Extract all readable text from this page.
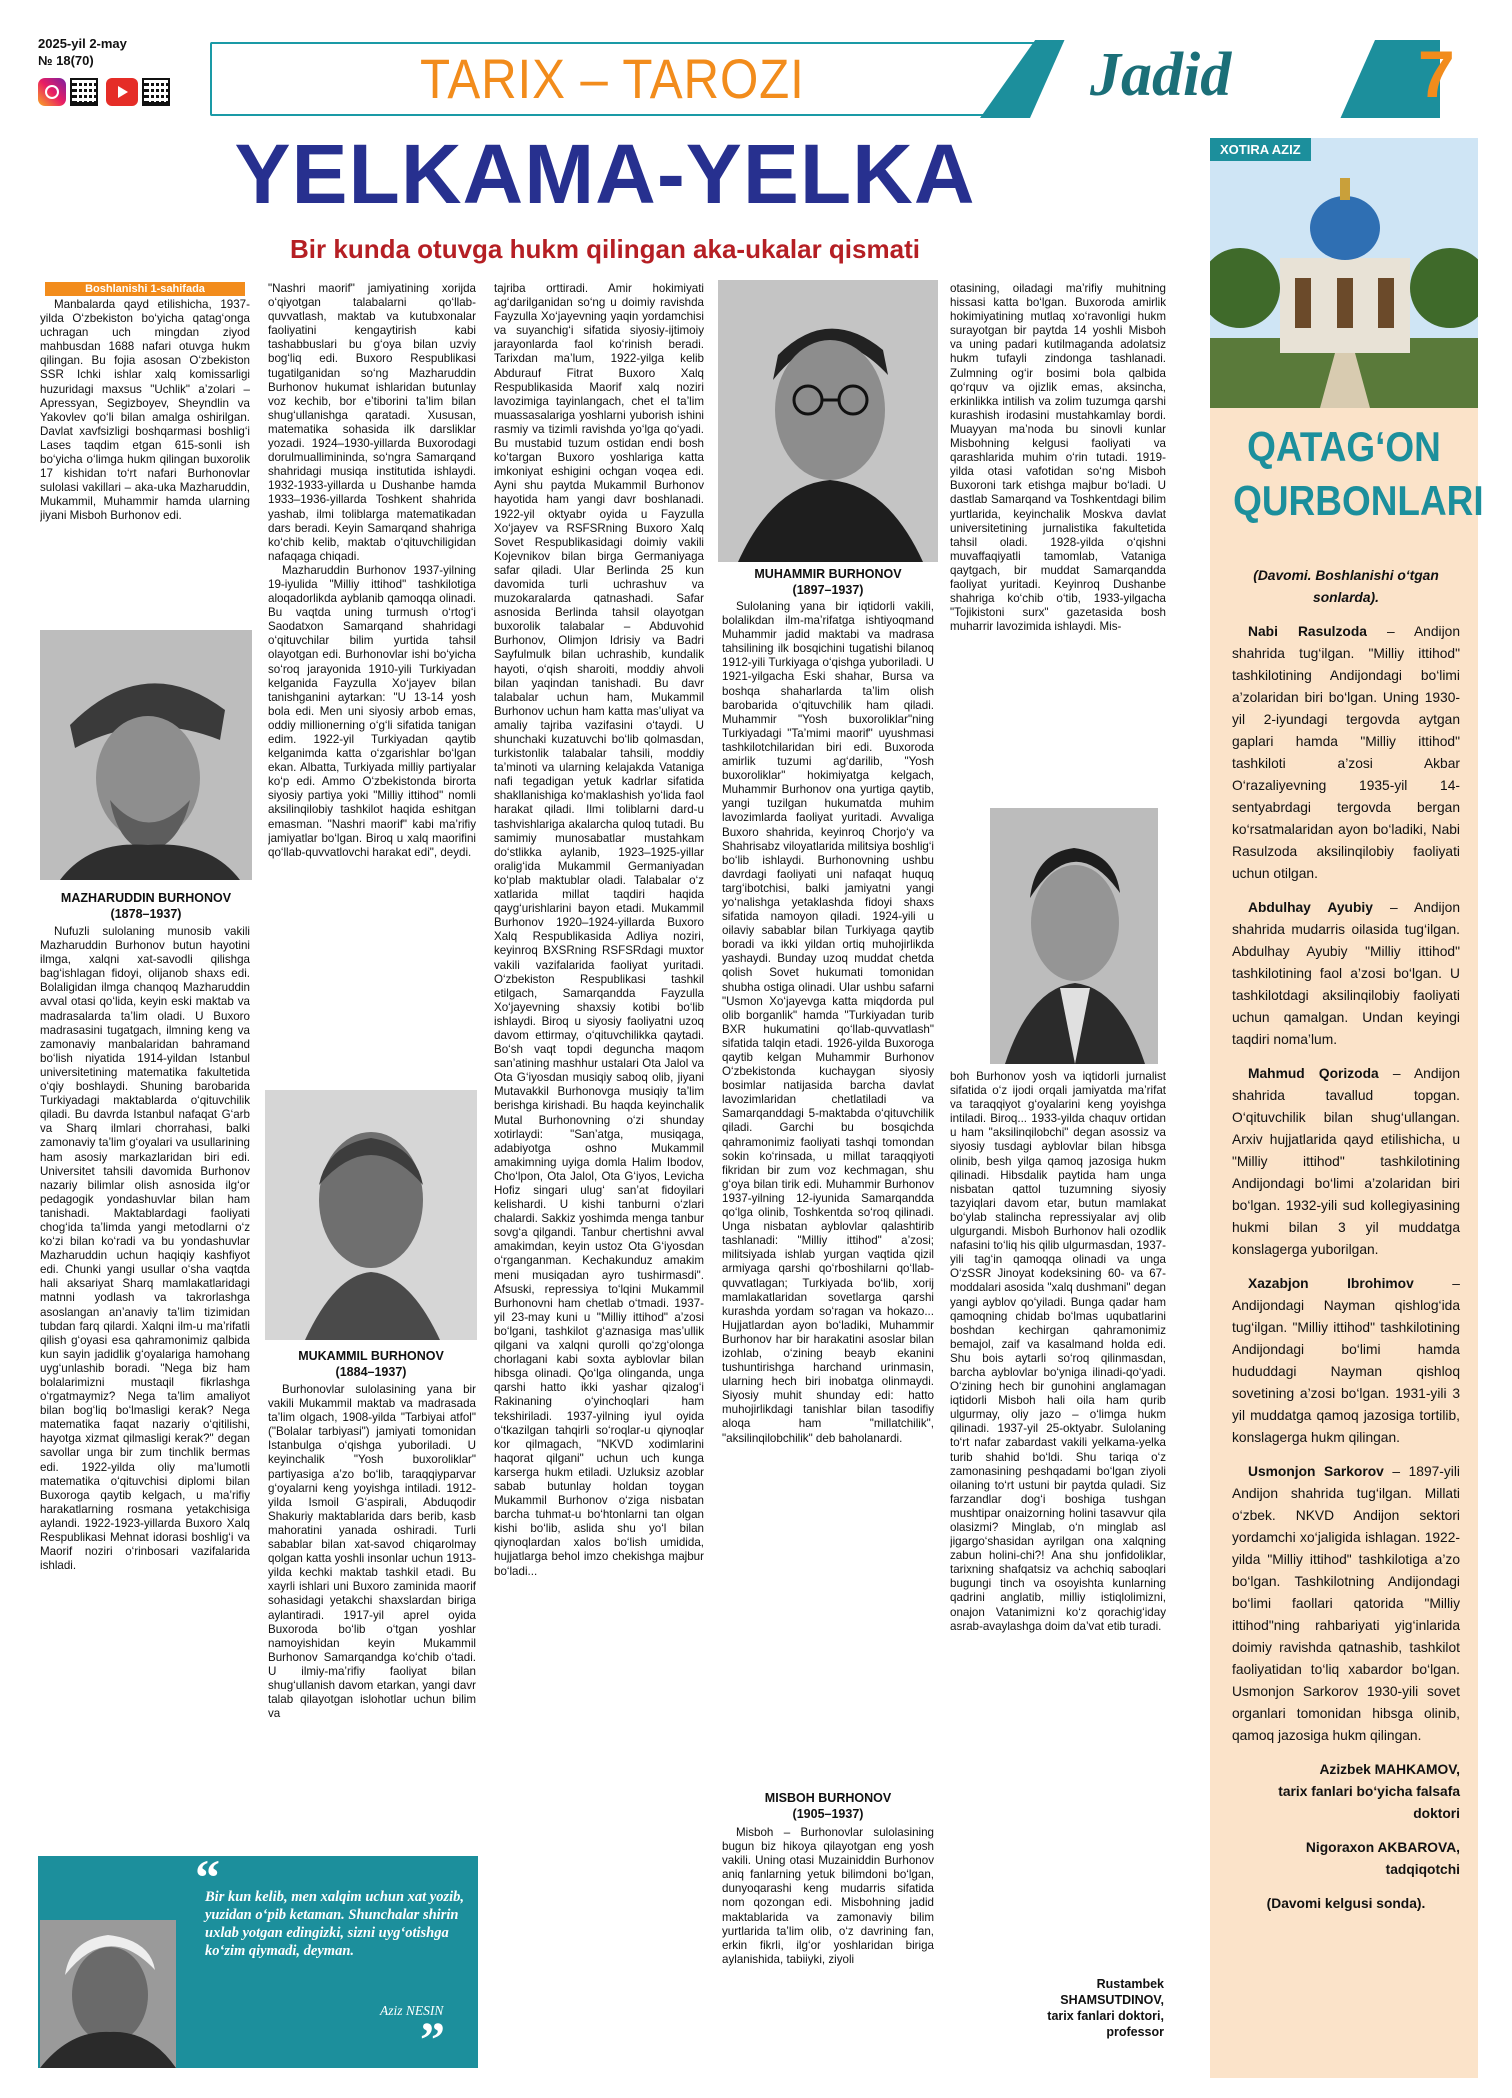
2025-yil 2-may
№ 18(70)	TARIX – TAROZI	Jadid	7
YELKAMA-YELKA
Bir kunda otuvga hukm qilingan aka-ukalar qismati
Boshlanishi 1-sahifada

Manbalarda qayd etilishicha, 1937-yilda O‘zbekiston bo‘yicha qatag‘onga uchragan uch mingdan ziyod mahbusdan 1688 nafari otuvga hukm qilingan. Bu fojia asosan O‘zbekiston SSR Ichki ishlar xalq komissarligi huzuridagi maxsus "Uchlik" a’zolari – Apressyan, Segizboyev, Sheyndlin va Yakovlev qo‘li bilan amalga oshirilgan. Davlat xavfsizligi boshqarmasi boshlig‘i Lases taqdim etgan 615-sonli ish bo‘yicha o‘limga hukm qilingan buxorolik 17 kishidan to‘rt nafari Burhonovlar sulolasi vakillari – aka-uka Mazharuddin, Mukammil, Muhammir hamda ularning jiyani Misboh Burhonov edi.

MAZHARUDDIN BURHONOV
(1878–1937)

Nufuzli sulolaning munosib vakili Mazharuddin Burhonov butun hayotini ilmga, xalqni xat-savodli qilishga bag‘ishlagan fidoyi, olijanob shaxs edi. Bolaligidan ilmga chanqoq Mazharuddin avval otasi qo‘lida, keyin eski maktab va madrasalarda ta’lim oladi. U Buxoro madrasasini tugatgach, ilmning keng va zamonaviy manbalaridan bahramand bo‘lish niyatida 1914-yildan Istanbul universitetining matematika fakultetida o‘qiy boshlaydi. Shuning barobarida Turkiyadagi maktablarda o‘qituvchilik qiladi. Bu davrda Istanbul nafaqat G‘arb va Sharq ilmlari chorrahasi, balki zamonaviy ta’lim g‘oyalari va usullarining ham asosiy markazlaridan biri edi. Universitet tahsili davomida Burhonov nazariy bilimlar olish asnosida ilg‘or pedagogik yondashuvlar bilan ham tanishadi. Maktablardagi faoliyati chog‘ida ta’limda yangi metodlarni o‘z ko‘zi bilan ko‘radi va bu yondashuvlar Mazharuddin uchun haqiqiy kashfiyot edi. Chunki yangi usullar o‘sha vaqtda hali aksariyat Sharq mamlakatlaridagi matnni yodlash va takrorlashga asoslangan an’anaviy ta’lim tizimidan tubdan farq qilardi. Xalqni ilm-u ma’rifatli qilish g‘oyasi esa qahramonimiz qalbida kun sayin jadidlik g‘oyalariga hamohang uyg‘unlashib boradi. "Nega biz ham bolalarimizni mustaqil fikrlashga o‘rgatmaymiz? Nega ta’lim amaliyot bilan bog‘liq bo‘lmasligi kerak? Nega matematika faqat nazariy o‘qitilishi, hayotga xizmat qilmasligi kerak?" degan savollar unga bir zum tinchlik bermas edi. 1922-yilda oliy ma’lumotli matematika o‘qituvchisi diplomi bilan Buxoroga qaytib kelgach, u ma’rifiy harakatlarning rosmana yetakchisiga aylandi. 1922-1923-yillarda Buxoro Xalq Respublikasi Mehnat idorasi boshlig‘i va Maorif noziri o‘rinbosari vazifalarida ishladi.

"Nashri maorif" jamiyatining xorijda o‘qiyotgan talabalarni qo‘llab-quvvatlash, maktab va kutubxonalar faoliyatini kengaytirish kabi tashabbuslari bu g‘oya bilan uzviy bog‘liq edi. Buxoro Respublikasi tugatilganidan so‘ng Mazharuddin Burhonov hukumat ishlaridan butunlay voz kechib, bor e’tiborini ta’lim bilan shug‘ullanishga qaratadi. Xususan, matematika sohasida ilk darsliklar yozadi. 1924–1930-yillarda Buxorodagi dorulmuallimininda, so‘ngra Samarqand shahridagi musiqa institutida ishlaydi. 1932-1933-yillarda u Dushanbe hamda 1933–1936-yillarda Toshkent shahrida yashab, ilmi toliblarga matematikadan dars beradi. Keyin Samarqand shahriga ko‘chib kelib, maktab o‘qituvchiligidan nafaqaga chiqadi.

Mazharuddin Burhonov 1937-yilning 19-iyulida "Milliy ittihod" tashkilotiga aloqadorlikda ayblanib qamoqqa olinadi. Bu vaqtda uning turmush o‘rtog‘i Saodatxon Samarqand shahridagi o‘qituvchilar bilim yurtida tahsil olayotgan edi. Burhonovlar ishi bo‘yicha so‘roq jarayonida 1910-yili Turkiyadan kelganida Fayzulla Xo‘jayev bilan tanishganini aytarkan: "U 13-14 yosh bola edi. Men uni siyosiy arbob emas, oddiy millionerning o‘g‘li sifatida tanigan edim. 1922-yil Turkiyadan qaytib kelganimda katta o‘zgarishlar bo‘lgan ekan. Albatta, Turkiyada milliy partiyalar ko‘p edi. Ammo O‘zbekistonda birorta siyosiy partiya yoki "Milliy ittihod" nomli aksilinqilobiy tashkilot haqida eshitgan emasman. "Nashri maorif" kabi ma’rifiy jamiyatlar bo‘lgan. Biroq u xalq maorifini qo‘llab-quvvatlovchi harakat edi", deydi.

MUKAMMIL BURHONOV
(1884–1937)

Burhonovlar sulolasining yana bir vakili Mukammil maktab va madrasada ta’lim olgach, 1908-yilda "Tarbiyai atfol" ("Bolalar tarbiyasi") jamiyati tomonidan Istanbulga o‘qishga yuboriladi. U keyinchalik "Yosh buxoroliklar" partiyasiga a’zo bo‘lib, taraqqiyparvar g‘oyalarni keng yoyishga intiladi. 1912-yilda Ismoil G‘aspirali, Abduqodir Shakuriy maktablarida dars berib, kasb mahoratini yanada oshiradi. Turli sabablar bilan xat-savod chiqarolmay qolgan katta yoshli insonlar uchun 1913-yilda kechki maktab tashkil etadi. Bu xayrli ishlari uni Buxoro zaminida maorif sohasidagi yetakchi shaxslardan biriga aylantiradi. 1917-yil aprel oyida Buxoroda bo‘lib o‘tgan yoshlar namoyishidan keyin Mukammil Burhonov Samarqandga ko‘chib o‘tadi. U ilmiy-ma’rifiy faoliyat bilan shug‘ullanish davom etarkan, yangi davr talab qilayotgan islohotlar uchun bilim va

tajriba orttiradi. Amir hokimiyati ag‘darilganidan so‘ng u doimiy ravishda Fayzulla Xo‘jayevning yaqin yordamchisi va suyanchig‘i sifatida siyosiy-ijtimoiy jarayonlarda faol ko‘rinish beradi. Tarixdan ma’lum, 1922-yilga kelib Abdurauf Fitrat Buxoro Xalq Respublikasida Maorif xalq noziri lavozimiga tayinlangach, chet el ta’lim muassasalariga yoshlarni yuborish ishini rasmiy va tizimli ravishda yo‘lga qo‘yadi. Bu mustabid tuzum ostidan endi bosh ko‘targan Buxoro yoshlariga katta imkoniyat eshigini ochgan voqea edi. Ayni shu paytda Mukammil Burhonov hayotida ham yangi davr boshlanadi. 1922-yil oktyabr oyida u Fayzulla Xo‘jayev va RSFSRning Buxoro Xalq Sovet Respublikasidagi doimiy vakili Kojevnikov bilan birga Germaniyaga safar qiladi. Ular Berlinda 25 kun davomida turli uchrashuv va muzokaralarda qatnashadi. Safar asnosida Berlinda tahsil olayotgan buxorolik talabalar – Abduvohid Burhonov, Olimjon Idrisiy va Badri Sayfulmulk bilan uchrashib, kundalik hayoti, o‘qish sharoiti, moddiy ahvoli bilan yaqindan tanishadi. Bu davr talabalar uchun ham, Mukammil Burhonov uchun ham katta mas’uliyat va amaliy tajriba vazifasini o‘taydi. U shunchaki kuzatuvchi bo‘lib qolmasdan, turkistonlik talabalar tahsili, moddiy ta’minoti va ularning kelajakda Vataniga nafi tegadigan yetuk kadrlar sifatida shakllanishiga ko‘maklashish yo‘lida faol harakat qiladi. Ilmi toliblarni dard-u tashvishlariga akalarcha quloq tutadi. Bu samimiy munosabatlar mustahkam do‘stlikka aylanib, 1923–1925-yillar oralig‘ida Mukammil Germaniyadan ko‘plab maktublar oladi. Talabalar o‘z xatlarida millat taqdiri haqida qayg‘urishlarini bayon etadi. Mukammil Burhonov 1920–1924-yillarda Buxoro Xalq Respublikasida Adliya noziri, keyinroq BXSRning RSFSRdagi muxtor vakili vazifalarida faoliyat yuritadi. O‘zbekiston Respublikasi tashkil etilgach, Samarqandda Fayzulla Xo‘jayevning shaxsiy kotibi bo‘lib ishlaydi. Biroq u siyosiy faoliyatni uzoq davom ettirmay, o‘qituvchilikka qaytadi. Bo‘sh vaqt topdi deguncha maqom san’atining mashhur ustalari Ota Jalol va Ota G‘iyosdan musiqiy saboq olib, jiyani Mutavakkil Burhonovga musiqiy ta’lim berishga kirishadi. Bu haqda keyinchalik Mutal Burhonovning o‘zi shunday xotirlaydi: "San’atga, musiqaga, adabiyotga oshno Mukammil amakimning uyiga domla Halim Ibodov, Cho‘lpon, Ota Jalol, Ota G‘iyos, Levicha Hofiz singari ulug‘ san’at fidoyilari kelishardi. U kishi tanburni o‘zlari chalardi. Sakkiz yoshimda menga tanbur sovg‘a qilgandi. Tanbur chertishni avval amakimdan, keyin ustoz Ota G‘iyosdan o‘rganganman. Kechakunduz amakim meni musiqadan ayro tushirmasdi". Afsuski, repressiya to‘lqini Mukammil Burhonovni ham chetlab o‘tmadi. 1937-yil 23-may kuni u "Milliy ittihod" a’zosi bo‘lgani, tashkilot g‘aznasiga mas’ullik qilgani va xalqni qurolli qo‘zg‘olonga chorlagani kabi soxta ayblovlar bilan hibsga olinadi. Qo‘lga olinganda, unga qarshi hatto ikki yashar qizalog‘i Rakinaning o‘yinchoqlari ham tekshiriladi. 1937-yilning iyul oyida o‘tkazilgan tahqirli so‘roqlar-u qiynoqlar kor qilmagach, "NKVD xodimlarini haqorat qilgani" uchun uch kunga karserga hukm etiladi. Uzluksiz azoblar sabab butunlay holdan toygan Mukammil Burhonov o‘ziga nisbatan barcha tuhmat-u bo‘htonlarni tan olgan kishi bo‘lib, aslida shu yo‘l bilan qiynoqlardan xalos bo‘lish umidida, hujjatlarga behol imzo chekishga majbur bo‘ladi...

MUHAMMIR BURHONOV
(1897–1937)

Sulolaning yana bir iqtidorli vakili, bolalikdan ilm-ma’rifatga ishtiyoqmand Muhammir jadid maktabi va madrasa tahsilining ilk bosqichini tugatishi bilanoq 1912-yili Turkiyaga o‘qishga yuboriladi. U 1921-yilgacha Eski shahar, Bursa va boshqa shaharlarda ta’lim olish barobarida o‘qituvchilik ham qiladi. Muhammir "Yosh buxoroliklar"ning Turkiyadagi "Ta’mimi maorif" uyushmasi tashkilotchilaridan biri edi. Buxoroda amirlik tuzumi ag‘darilib, "Yosh buxoroliklar" hokimiyatga kelgach, Muhammir Burhonov ona yurtiga qaytib, yangi tuzilgan hukumatda muhim lavozimlarda faoliyat yuritadi. Avvaliga Buxoro shahrida, keyinroq Chorjo‘y va Shahrisabz viloyatlarida militsiya boshlig‘i bo‘lib ishlaydi. Burhonovning ushbu davrdagi faoliyati uni nafaqat huquq targ‘ibotchisi, balki jamiyatni yangi yo‘nalishga yetaklashda fidoyi shaxs sifatida namoyon qiladi. 1924-yili u oilaviy sabablar bilan Turkiyaga qaytib boradi va ikki yildan ortiq muhojirlikda yashaydi. Bunday uzoq muddat chetda qolish Sovet hukumati tomonidan shubha ostiga olinadi. Ular ushbu safarni "Usmon Xo‘jayevga katta miqdorda pul olib borganlik" hamda "Turkiyadan turib BXR hukumatini qo‘llab-quvvatlash" sifatida talqin etadi. 1926-yilda Buxoroga qaytib kelgan Muhammir Burhonov O‘zbekistonda kuchaygan siyosiy bosimlar natijasida barcha davlat lavozimlaridan chetlatiladi va Samarqanddagi 5-maktabda o‘qituvchilik qiladi. Garchi bu bosqichda qahramonimiz faoliyati tashqi tomondan sokin ko‘rinsada, u millat taraqqiyoti fikridan bir zum voz kechmagan, shu g‘oya bilan tirik edi. Muhammir Burhonov 1937-yilning 12-iyunida Samarqandda qo‘lga olinib, Toshkentda so‘roq qilinadi. Unga nisbatan ayblovlar qalashtirib tashlanadi: "Milliy ittihod" a’zosi; militsiyada ishlab yurgan vaqtida qizil armiyaga qarshi qo‘rboshilarni qo‘llab-quvvatlagan; Turkiyada bo‘lib, xorij mamlakatlaridan sovetlarga qarshi kurashda yordam so‘ragan va hokazo... Hujjatlardan ayon bo‘ladiki, Muhammir Burhonov har bir harakatini asoslar bilan izohlab, o‘zining beayb ekanini tushuntirishga harchand urinmasin, ularning hech biri inobatga olinmaydi. Siyosiy muhit shunday edi: hatto muhojirlikdagi tanishlar bilan tasodifiy aloqa ham "millatchilik", "aksilinqilobchilik" deb baholanardi.

MISBOH BURHONOV
(1905–1937)

Misboh – Burhonovlar sulolasining bugun biz hikoya qilayotgan eng yosh vakili. Uning otasi Muzainiddin Burhonov aniq fanlarning yetuk bilimdoni bo‘lgan, dunyoqarashi keng mudarris sifatida nom qozongan edi. Misbohning jadid maktablarida va zamonaviy bilim yurtlarida ta’lim olib, o‘z davrining fan, erkin fikrli, ilg‘or yoshlaridan biriga aylanishida, tabiiyki, ziyoli

otasining, oiladagi ma’rifiy muhitning hissasi katta bo‘lgan. Buxoroda amirlik hokimiyatining mutlaq xo‘ravonligi hukm surayotgan bir paytda 14 yoshli Misboh va uning padari kutilmaganda adolatsiz hukm tufayli zindonga tashlanadi. Zulmning og‘ir bosimi bola qalbida qo‘rquv va ojizlik emas, aksincha, erkinlikka intilish va zolim tuzumga qarshi kurashish irodasini mustahkamlay bordi. Muayyan ma’noda bu sinovli kunlar Misbohning kelgusi faoliyati va qarashlarida muhim o‘rin tutadi. 1919-yilda otasi vafotidan so‘ng Misboh Buxoroni tark etishga majbur bo‘ladi. U dastlab Samarqand va Toshkentdagi bilim yurtlarida, keyinchalik Moskva davlat universitetining jurnalistika fakultetida tahsil oladi. 1928-yilda o‘qishni muvaffaqiyatli tamomlab, Vataniga qaytgach, bir muddat Samarqandda faoliyat yuritadi. Keyinroq Dushanbe shahriga ko‘chib o‘tib, 1933-yilgacha "Tojikistoni surx" gazetasida bosh muharrir lavozimida ishlaydi. Mis-

boh Burhonov yosh va iqtidorli jurnalist sifatida o‘z ijodi orqali jamiyatda ma’rifat va taraqqiyot g‘oyalarini keng yoyishga intiladi. Biroq... 1933-yilda chaquv ortidan u ham "aksilinqilobchi" degan asossiz va siyosiy tusdagi ayblovlar bilan hibsga olinib, besh yilga qamoq jazosiga hukm qilinadi. Hibsdalik paytida ham unga nisbatan qattol tuzumning siyosiy tazyiqlari davom etar, butun mamlakat bo‘ylab stalincha repressiyalar avj olib ulgurgandi. Misboh Burhonov hali ozodlik nafasini to‘liq his qilib ulgurmasdan, 1937-yili tag‘in qamoqqa olinadi va unga O‘zSSR Jinoyat kodeksining 60- va 67-moddalari asosida "xalq dushmani" degan yangi ayblov qo‘yiladi. Bunga qadar ham qamoqning chidab bo‘lmas uqubatlarini boshdan kechirgan qahramonimiz bemajol, zaif va kasalmand holda edi. Shu bois aytarli so‘roq qilinmasdan, barcha ayblovlar bo‘yniga ilinadi-qo‘yadi. O‘zining hech bir gunohini anglamagan iqtidorli Misboh hali oila ham qurib ulgurmay, oliy jazo – o‘limga hukm qilinadi. 1937-yil 25-oktyabr. Sulolaning to‘rt nafar zabardast vakili yelkama-yelka turib shahid bo‘ldi. Shu tariqa o‘z zamonasining peshqadami bo‘lgan ziyoli oilaning to‘rt ustuni bir paytda quladi. Siz farzandlar dog‘i boshiga tushgan mushtipar onaizorning holini tasavvur qila olasizmi? Minglab, o‘n minglab asl jigargo‘shasidan ayrilgan ona xalqning zabun holini-chi?! Ana shu jonfidoliklar, tarixning shafqatsiz va achchiq saboqlari bugungi tinch va osoyishta kunlarning qadrini anglatib, milliy istiqlolimizni, onajon Vatanimizni ko‘z qorachig‘iday asrab-avaylashga doim da’vat etib turadi.

Rustambek SHAMSUTDINOV,
tarix fanlari doktori, professor
“
Bir kun kelib, men xalqim uchun xat yozib, yuzidan o‘pib ketaman. Shunchalar shirin uxlab yotgan edingizki, sizni uyg‘otishga ko‘zim qiymadi, deyman.
Aziz NESIN
”
XOTIRA AZIZ
QATAG‘ON QURBONLARI

(Davomi. Boshlanishi o‘tgan sonlarda).

Nabi Rasulzoda – Andijon shahrida tug‘ilgan. "Milliy ittihod" tashkilotining Andijondagi bo‘limi a’zolaridan biri bo‘lgan. Uning 1930-yil 2-iyundagi tergovda aytgan gaplari hamda "Milliy ittihod" tashkiloti a’zosi Akbar O‘razaliyevning 1935-yil 14-sentyabrdagi tergovda bergan ko‘rsatmalaridan ayon bo‘ladiki, Nabi Rasulzoda aksilinqilobiy faoliyati uchun otilgan.

Abdulhay Ayubiy – Andijon shahrida mudarris oilasida tug‘ilgan. Abdulhay Ayubiy "Milliy ittihod" tashkilotining faol a’zosi bo‘lgan. U tashkilotdagi aksilinqilobiy faoliyati uchun qamalgan. Undan keyingi taqdiri noma’lum.

Mahmud Qorizoda – Andijon shahrida tavallud topgan. O‘qituvchilik bilan shug‘ullangan. Arxiv hujjatlarida qayd etilishicha, u "Milliy ittihod" tashkilotining Andijondagi bo‘limi a’zolaridan biri bo‘lgan. 1932-yili sud kollegiyasining hukmi bilan 3 yil muddatga konslagerga yuborilgan.

Xazabjon Ibrohimov – Andijondagi Nayman qishlog‘ida tug‘ilgan. "Milliy ittihod" tashkilotining Andijondagi bo‘limi hamda hududdagi Nayman qishloq sovetining a’zosi bo‘lgan. 1931-yili 3 yil muddatga qamoq jazosiga tortilib, konslagerga hukm qilingan.

Usmonjon Sarkorov – 1897-yili Andijon shahrida tug‘ilgan. Millati o‘zbek. NKVD Andijon sektori yordamchi xo‘jaligida ishlagan. 1922-yilda "Milliy ittihod" tashkilotiga a’zo bo‘lgan. Tashkilotning Andijondagi bo‘limi faollari qatorida "Milliy ittihod"ning rahbariyati yig‘inlarida doimiy ravishda qatnashib, tashkilot faoliyatidan to‘liq xabardor bo‘lgan. Usmonjon Sarkorov 1930-yili sovet organlari tomonidan hibsga olinib, qamoq jazosiga hukm qilingan.

Azizbek MAHKAMOV,
tarix fanlari bo‘yicha falsafa doktori

Nigoraxon AKBAROVA,
tadqiqotchi

(Davomi kelgusi sonda).
